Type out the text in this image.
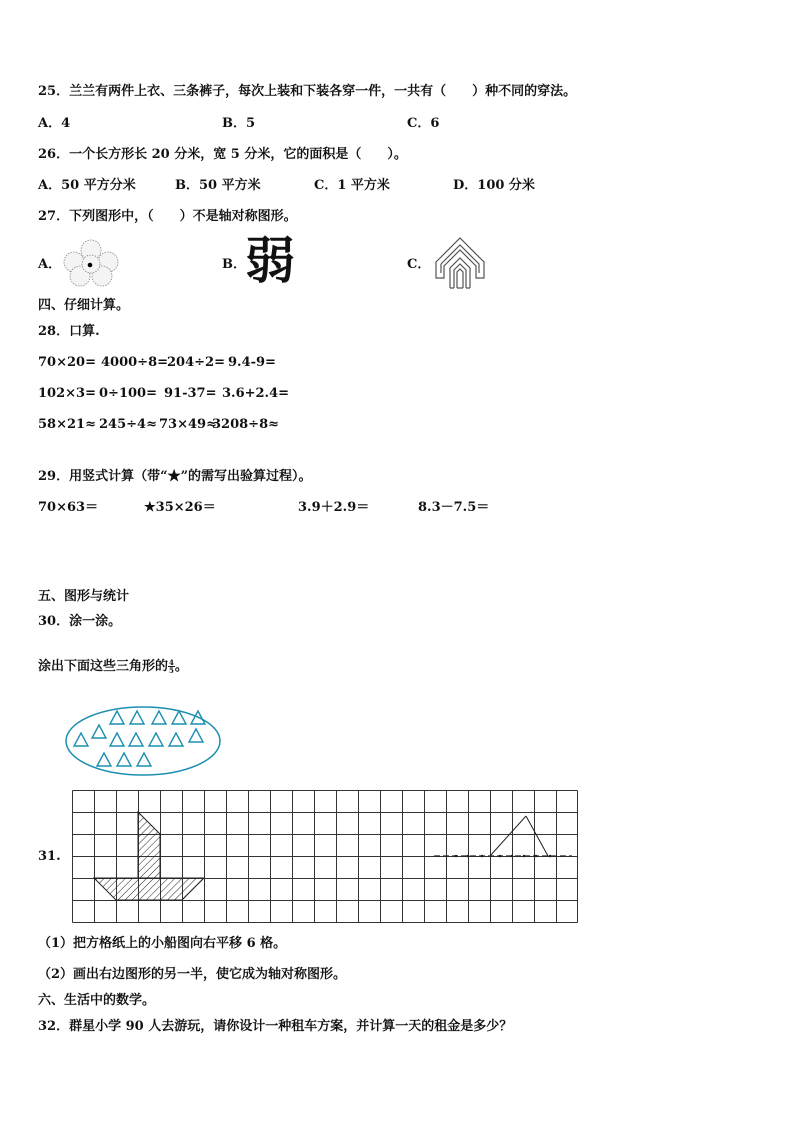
25．兰兰有两件上衣、三条裤子，每次上装和下装各穿一件，一共有（　　）种不同的穿法。
A．4	B．5	C．6
26．一个长方形长 20 分米，宽 5 分米，它的面积是（　　）。
A．50 平方分米	B．50 平方米	C．1 平方米	D．100 分米
27．下列图形中，（　　）不是轴对称图形。
A．	B． 弱	C．
四、仔细计算。
28．口算.
70×20= 4000÷8=
204÷2= 9.4-9=
102×3= 0÷100= 91-37= 3.6+2.4=
58×21≈ 245÷4≈ 73×49≈
3208÷8≈
29．用竖式计算（带“★”的需写出验算过程）。
70×63＝	★35×26＝	3.9＋2.9＝	8.3－7.5＝
五、图形与统计
30．涂一涂。
涂出下面这些三角形的 $\frac{4}{5}$ 。
31.
（1）把方格纸上的小船图向右平移 6 格。
（2）画出右边图形的另一半，使它成为轴对称图形。
六、生活中的数学。
32．群星小学 90 人去游玩，请你设计一种租车方案，并计算一天的租金是多少？
